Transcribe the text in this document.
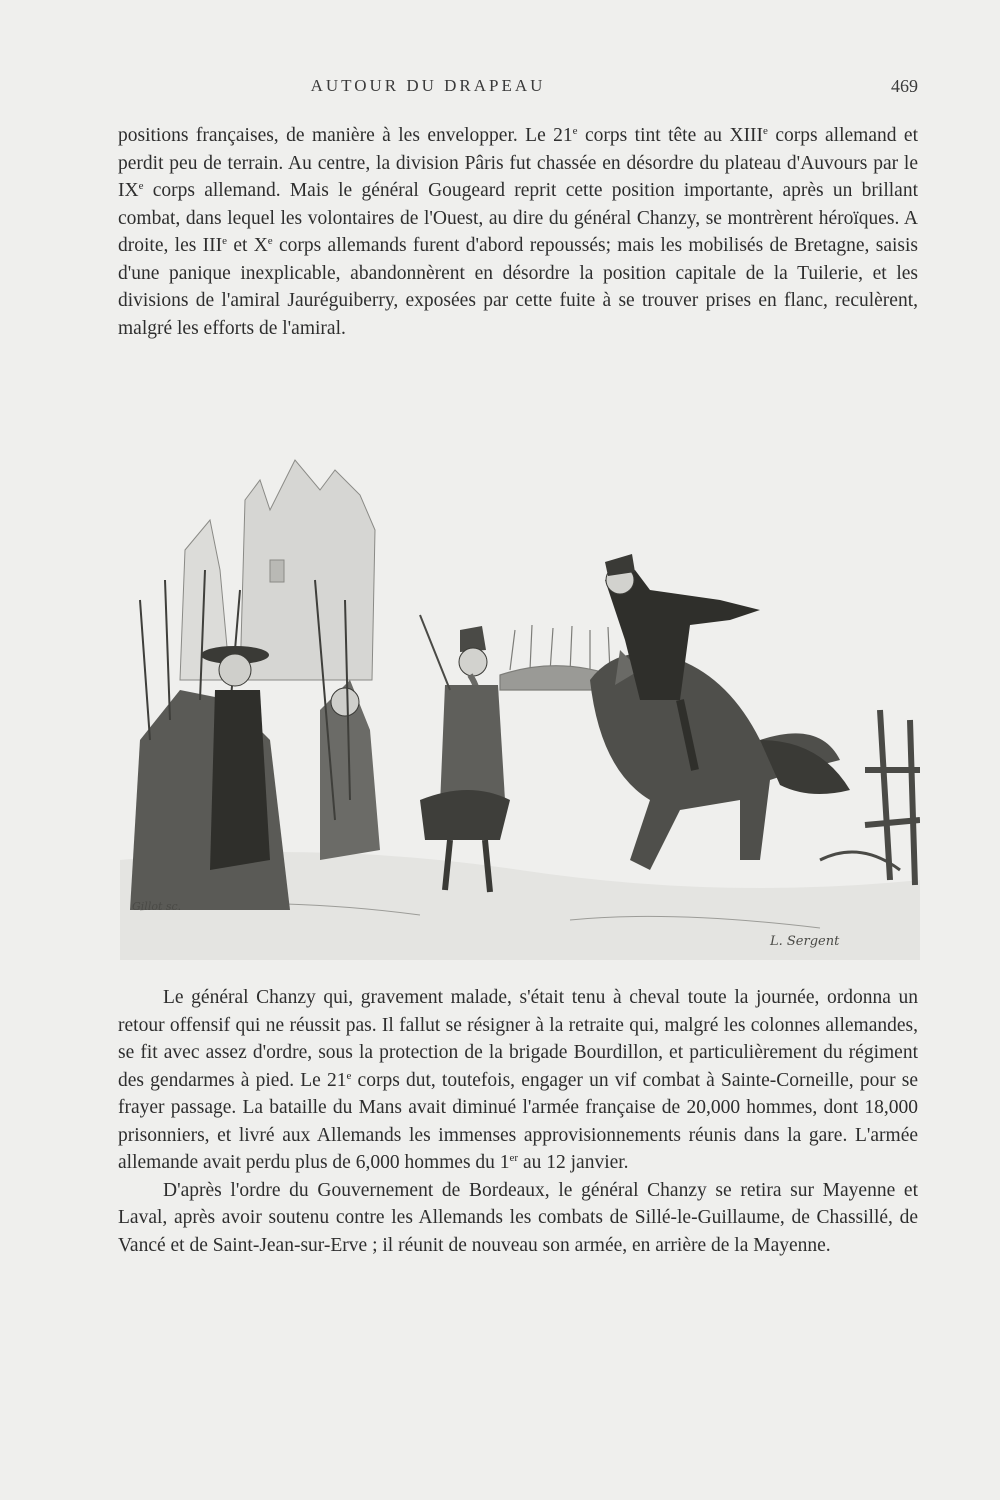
AUTOUR DU DRAPEAU	469

positions françaises, de manière à les envelopper. Le 21e corps tint tête au XIIIe corps allemand et perdit peu de terrain. Au centre, la division Pâris fut chassée en désordre du plateau d'Auvours par le IXe corps allemand. Mais le général Gougeard reprit cette position importante, après un brillant combat, dans lequel les volontaires de l'Ouest, au dire du général Chanzy, se montrèrent héroïques. A droite, les IIIe et Xe corps allemands furent d'abord repoussés; mais les mobilisés de Bretagne, saisis d'une panique inexplicable, abandonnèrent en désordre la position capitale de la Tuilerie, et les divisions de l'amiral Jauréguiberry, exposées par cette fuite à se trouver prises en flanc, reculèrent, malgré les efforts de l'amiral.

Gillot sc.
L. Sergent

Le général Chanzy qui, gravement malade, s'était tenu à cheval toute la journée, ordonna un retour offensif qui ne réussit pas. Il fallut se résigner à la retraite qui, malgré les colonnes allemandes, se fit avec assez d'ordre, sous la protection de la brigade Bourdillon, et particulièrement du régiment des gendarmes à pied. Le 21e corps dut, toutefois, engager un vif combat à Sainte-Corneille, pour se frayer passage. La bataille du Mans avait diminué l'armée française de 20,000 hommes, dont 18,000 prisonniers, et livré aux Allemands les immenses approvisionnements réunis dans la gare. L'armée allemande avait perdu plus de 6,000 hommes du 1er au 12 janvier.

D'après l'ordre du Gouvernement de Bordeaux, le général Chanzy se retira sur Mayenne et Laval, après avoir soutenu contre les Allemands les combats de Sillé-le-Guillaume, de Chassillé, de Vancé et de Saint-Jean-sur-Erve ; il réunit de nouveau son armée, en arrière de la Mayenne.
